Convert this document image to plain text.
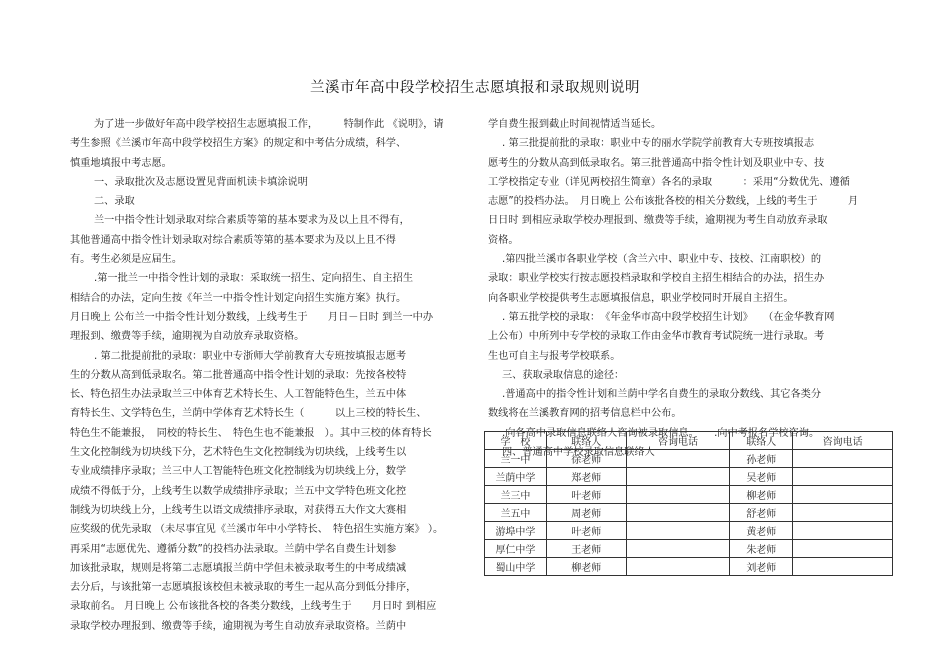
兰溪市年高中段学校招生志愿填报和录取规则说明

为了进一步做好年高中段学校招生志愿填报工作，　　　特制作此 《说明》，请

考生参照《兰溪市年高中段学校招生方案》的规定和中考估分成绩，科学、

慎重地填报中考志愿。

一、录取批次及志愿设置见背面机读卡填涂说明

二、录取

兰一中指令性计划录取对综合素质等第的基本要求为及以上且不得有，

其他普通高中指令性计划录取对综合素质等第的基本要求为及以上且不得

有。考生必须是应届生。

.第一批兰一中指令性计划的录取：采取统一招生、定向招生、自主招生

相结合的办法，定向生按《年兰一中指令性计划定向招生实施方案》执行。

月日晚上 公布兰一中指令性计划分数线，上线考生于　　月日－日时 到兰一中办

理报到、缴费等手续，逾期视为自动放弃录取资格。

. 第二批提前批的录取：职业中专浙师大学前教育大专班按填报志愿考

生的分数从高到低录取名。第二批普通高中指令性计划的录取：先按各校特

长、特色招生办法录取兰三中体育艺术特长生、人工智能特色生，兰五中体

育特长生、文学特色生，兰荫中学体育艺术特长生（　　　以上三校的特长生、

特色生不能兼报，　同校的特长生、　特色生也不能兼报　）。其中三校的体育特长

生文化控制线为切块线下分，艺术特色生文化控制线为切块线，上线考生以

专业成绩排序录取；兰三中人工智能特色班文化控制线为切块线上分，数学

成绩不得低于分，上线考生以数学成绩排序录取；兰五中文学特色班文化控

制线为切块线上分，上线考生以语文成绩排序录取，对获得五大作文大赛相

应奖级的优先录取 （未尽事宜见《兰溪市年中小学特长、　特色招生实施方案》 ）。

再采用“志愿优先、遵循分数”的投档办法录取。兰荫中学名自费生计划参

加该批录取，规则是将第二志愿填报兰荫中学但未被录取考生的中考成绩减

去分后，与该批第一志愿填报该校但未被录取的考生一起从高分到低分排序，

录取前名。 月日晚上 公布该批各校的各类分数线，上线考生于　　月日时 到相应

录取学校办理报到、缴费等手续，逾期视为考生自动放弃录取资格。兰荫中

学自费生报到截止时间视情适当延长。

. 第三批提前批的录取：职业中专的丽水学院学前教育大专班按填报志

愿考生的分数从高到低录取名。第三批普通高中指令性计划及职业中专、技

工学校指定专业（详见两校招生简章）各名的录取　　　：采用“分数优先、遵循

志愿”的投档办法。　月日晚上 公布该批各校的相关分数线，上线的考生于　　　月

日日时 到相应录取学校办理报到、缴费等手续，逾期视为考生自动放弃录取

资格。

.第四批兰溪市各职业学校（含兰六中、职业中专、技校、江南职校）的

录取：职业学校实行按志愿投档录取和学校自主招生相结合的办法，招生办

向各职业学校提供考生志愿填报信息，职业学校同时开展自主招生。

. 第五批学校的录取：　《年金华市高中段学校招生计划》　　（在金华教育网

上公布）中所列中专学校的录取工作由金华市教育考试院统一进行录取。考

生也可自主与报考学校联系。

三、获取录取信息的途径：

.普通高中的指令性计划和兰荫中学名自费生的录取分数线、其它各类分

数线将在兰溪教育网的招考信息栏中公布。

.向各高中录取信息联络人咨询被录取信息。　　.向中考报名学校咨询。

四、普通高中学校录取信息联络人

学　校	联络人	咨询电话	联络人	咨询电话
兰一中	徐老师		孙老师	
兰荫中学	郑老师		吴老师	
兰三中	叶老师		柳老师	
兰五中	周老师		舒老师	
游埠中学	叶老师		黄老师	
厚仁中学	王老师		朱老师	
蜀山中学	柳老师		刘老师	
